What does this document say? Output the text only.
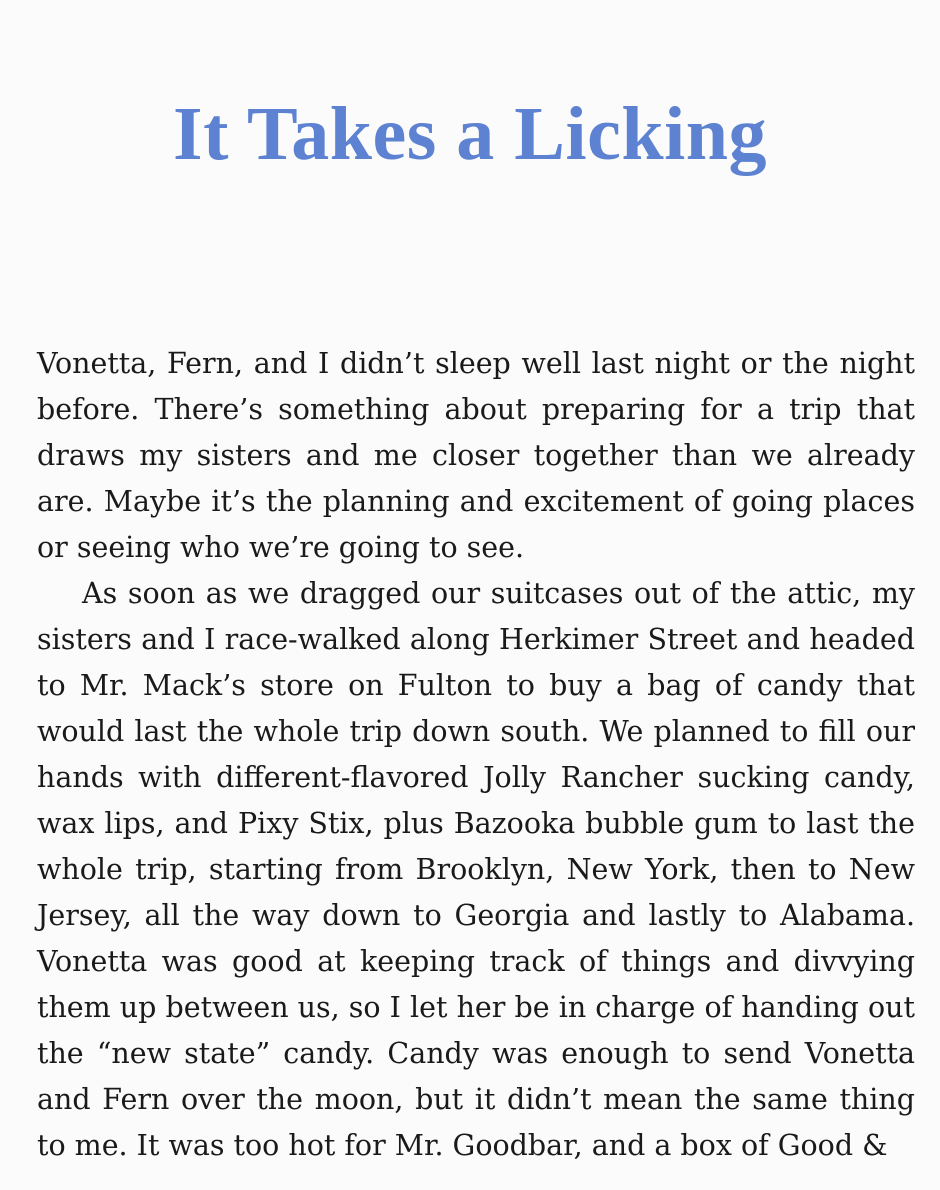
It Takes a Licking

Vonetta, Fern, and I didn’t sleep well last night or the night before. There’s something about preparing for a trip that draws my sisters and me closer together than we already are. Maybe it’s the planning and excitement of going places or seeing who we’re going to see.

As soon as we dragged our suitcases out of the attic, my sisters and I race-walked along Herkimer Street and headed to Mr. Mack’s store on Fulton to buy a bag of candy that would last the whole trip down south. We planned to fill our hands with different-flavored Jolly Rancher sucking candy, wax lips, and Pixy Stix, plus Bazooka bubble gum to last the whole trip, starting from Brooklyn, New York, then to New Jersey, all the way down to Georgia and lastly to Alabama. Vonetta was good at keeping track of things and divvying them up between us, so I let her be in charge of handing out the “new state” candy. Candy was enough to send Vonetta and Fern over the moon, but it didn’t mean the same thing to me. It was too hot for Mr. Goodbar, and a box of Good &
